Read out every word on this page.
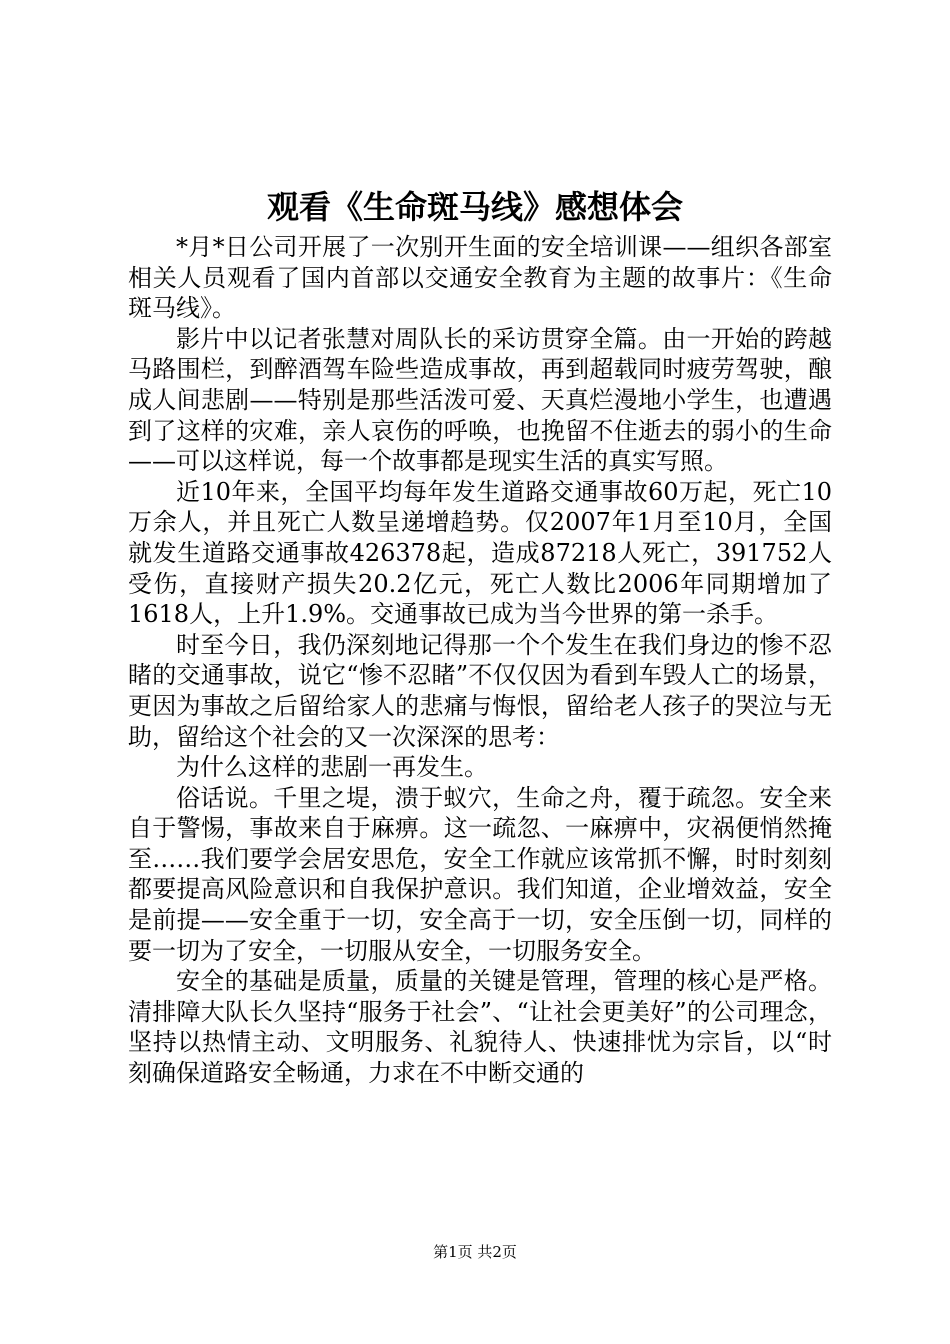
观看《生命斑马线》感想体会

*月*日公司开展了一次别开生面的安全培训课——组织各部室相关人员观看了国内首部以交通安全教育为主题的故事片：《生命斑马线》。

影片中以记者张慧对周队长的采访贯穿全篇。由一开始的跨越马路围栏，到醉酒驾车险些造成事故，再到超载同时疲劳驾驶，酿成人间悲剧——特别是那些活泼可爱、天真烂漫地小学生，也遭遇到了这样的灾难，亲人哀伤的呼唤，也挽留不住逝去的弱小的生命——可以这样说，每一个故事都是现实生活的真实写照。

近10年来，全国平均每年发生道路交通事故60万起，死亡10万余人，并且死亡人数呈递增趋势。仅2007年1月至10月，全国就发生道路交通事故426378起，造成87218人死亡，391752人受伤，直接财产损失20.2亿元，死亡人数比2006年同期增加了1618人，上升1.9%。交通事故已成为当今世界的第一杀手。

时至今日，我仍深刻地记得那一个个发生在我们身边的惨不忍睹的交通事故，说它“惨不忍睹”不仅仅因为看到车毁人亡的场景，更因为事故之后留给家人的悲痛与悔恨，留给老人孩子的哭泣与无助，留给这个社会的又一次深深的思考：

为什么这样的悲剧一再发生。

俗话说。千里之堤，溃于蚁穴，生命之舟，覆于疏忽。安全来自于警惕，事故来自于麻痹。这一疏忽、一麻痹中，灾祸便悄然掩至……我们要学会居安思危，安全工作就应该常抓不懈，时时刻刻都要提高风险意识和自我保护意识。我们知道，企业增效益，安全是前提——安全重于一切，安全高于一切，安全压倒一切，同样的要一切为了安全，一切服从安全，一切服务安全。

安全的基础是质量，质量的关键是管理，管理的核心是严格。清排障大队长久坚持“服务于社会”、“让社会更美好”的公司理念，坚持以热情主动、文明服务、礼貌待人、快速排忧为宗旨，以“时刻确保道路安全畅通，力求在不中断交通的

第1页 共2页
